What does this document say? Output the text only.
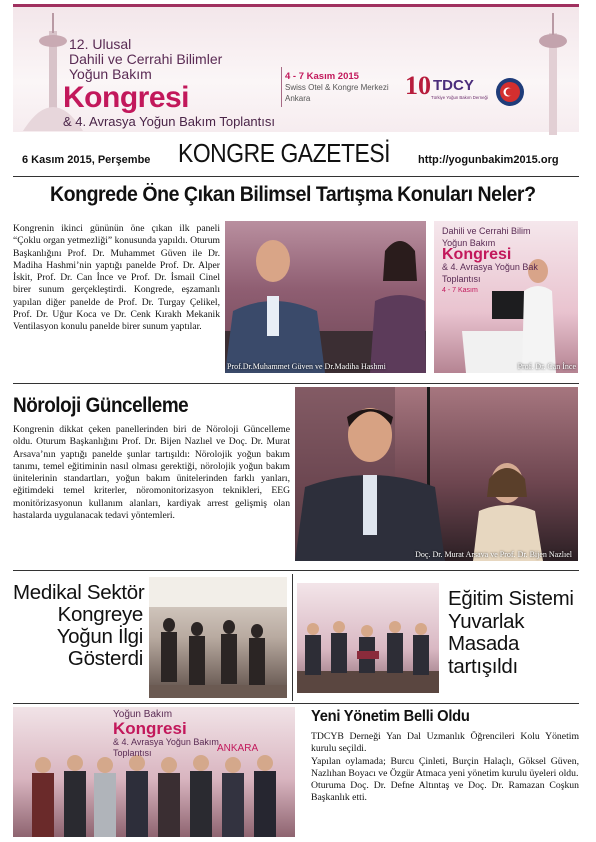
12. Ulusal
Dahili ve Cerrahi Bilimler
Yoğun Bakım
Kongresi
& 4. Avrasya Yoğun Bakım Toplantısı
4 - 7 Kasım 2015
Swiss Otel & Kongre Merkezi
Ankara	10 TDCY
Türkiye Yoğun Bakım Derneği
6 Kasım 2015, Perşembe KONGRE GAZETESİ	http://yogunbakim2015.org
Kongrede Öne Çıkan Bilimsel Tartışma Konuları Neler?
Kongrenin ikinci gününün öne çıkan ilk paneli “Çoklu organ yetmezliği” konusunda yapıldı. Oturum Başkanlığını Prof. Dr. Muhammet Güven ile Dr. Madiha Hashmi’nin yaptığı panelde Prof. Dr. Alper İskit, Prof. Dr. Can İnce ve Prof. Dr. İsmail Cinel birer sunum gerçekleştirdi. Kongrede, eşzamanlı yapılan diğer panelde de Prof. Dr. Turgay Çelikel, Prof. Dr. Uğur Koca ve Dr. Cenk Kırakh Mekanik Ventilasyon konulu panelde birer sunum yaptılar.
Prof.Dr.Muhammet Güven ve Dr.Madiha Hashmi
Dahili ve Cerrahi Bilim
Yoğun Bakım
Kongresi
& 4. Avrasya Yoğun Bak
Toplantısı
4 - 7 Kasım
Prof. Dr. Can İnce
Nöroloji Güncelleme
Kongrenin dikkat çeken panellerinden biri de Nöroloji Güncelleme oldu. Oturum Başkanlığını Prof. Dr. Bijen Nazlıel ve Doç. Dr. Murat Arsava’nın yaptığı panelde şunlar tartışıldı: Nörolojik yoğun bakım tanımı, temel eğitiminin nasıl olması gerektiği, nörolojik yoğun bakım ünitelerinin standartları, yoğun bakım ünitelerinden farklı yanları, eğitimdeki temel kriterler, nöromonitorizasyon teknikleri, EEG monitörizasyonun kullanım alanları, kardiyak arrest gelişmiş olan hastalarda uygulanacak tedavi yöntemleri.
Doç. Dr. Murat Arsava ve Prof. Dr. Bijen Nazlıel
Medikal Sektör
Kongreye
Yoğun İlgi
Gösterdi
Eğitim Sistemi
Yuvarlak
Masada
tartışıldı
Yoğun Bakım
Kongresi
& 4. Avrasya Yoğun Bakım
Toplantısı	ANKARA
Yeni Yönetim Belli Oldu

TDCYB Derneği Yan Dal Uzmanlık Öğrencileri Kolu Yönetim kurulu seçildi.

Yapılan oylamada; Burcu Çinleti, Burçin Halaçlı, Göksel Güven, Nazlıhan Boyacı ve Özgür Atmaca yeni yönetim kurulu üyeleri oldu.

Oturuma Doç. Dr. Defne Altıntaş ve Doç. Dr. Ramazan Coşkun Başkanlık etti.
